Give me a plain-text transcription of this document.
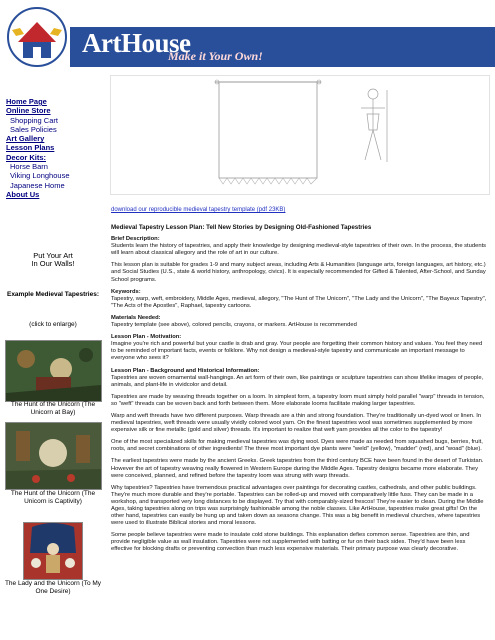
ArtHouse
Make it Your Own!
Home Page
Online Store
Shopping Cart
Sales Policies
Art Gallery
Lesson Plans
Decor Kits:
Horse Barn
Viking Longhouse
Japanese Home
About Us
download our reproducible medieval tapestry template (pdf 23KB)
Put Your Art
In Our Walls!
Example Medieval Tapestries:
(click to enlarge)
The Hunt of the Unicorn (The Unicorn at Bay)
The Hunt of the Unicorn (The Unicorn is Captivity)
The Lady and the Unicorn (To My One Desire)

Medieval Tapestry Lesson Plan: Tell New Stories by Designing Old-Fashioned Tapestries

Brief Description:
Students learn the history of tapestries, and apply their knowledge by designing medieval-style tapestries of their own. In the process, the students will learn about classical allegory and the role of art in our culture.

This lesson plan is suitable for grades 1-9 and many subject areas, including Arts & Humanities (language arts, foreign languages, art history, etc.) and Social Studies (U.S., state & world history, anthropology, civics). It is especially recommended for Gifted & Talented, After-School, and Sunday School programs.

Keywords:
Tapestry, warp, weft, embroidery, Middle Ages, medieval, allegory, "The Hunt of The Unicorn", "The Lady and the Unicorn", "The Bayeux Tapestry", "The Acts of the Apostles", Raphael, tapestry cartoons.

Materials Needed:
Tapestry template (see above), colored pencils, crayons, or markers. ArtHouse is recommended

Lesson Plan - Motivation:
Imagine you're rich and powerful but your castle is drab and gray. Your people are forgetting their common history and values. You feel they need to be reminded of important facts, events or folklore. Why not design a medieval-style tapestry and communicate an important message to everyone who sees it?

Lesson Plan - Background and Historical Information:
Tapestries are woven ornamental wall-hangings. An art form of their own, like paintings or sculpture tapestries can show lifelike images of people, animals, and plant-life in vividcolor and detail.

Tapestries are made by weaving threads together on a loom. In simplest form, a tapestry loom must simply hold parallel "warp" threads in tension, so "weft" threads can be woven back and forth between them. More elaborate looms facilitate making larger tapestries.

Warp and weft threads have two different purposes. Warp threads are a thin and strong foundation. They're traditionally un-dyed wool or linen. In medieval tapestries, weft threads were usually vividly colored wool yarn. On the finest tapestries wool was sometimes supplemented by more expensive silk or fine metallic (gold and silver) threads. It's important to realize that weft yarn provides all the color to the tapestry!

One of the most specialized skills for making medieval tapestries was dying wool. Dyes were made as needed from squashed bugs, berries, fruit, roots, and secret combinations of other ingredients! The three most important dye plants were "weld" (yellow), "madder" (red), and "woad" (blue).

The earliest tapestries were made by the ancient Greeks. Greek tapestries from the third century BCE have been found in the desert of Turkistan. However the art of tapestry weaving really flowered in Western Europe during the Middle Ages. Tapestry designs became more elaborate. They were conceived, planned, and refined before the tapestry loom was strung with warp threads.

Why tapestries? Tapestries have tremendous practical advantages over paintings for decorating castles, cathedrals, and other public buildings. They're much more durable and they're portable. Tapestries can be rolled-up and moved with comparatively little fuss. They can be made in a workshop, and transported very long distances to be displayed. Try that with comparably-sized frescos! They're easier to clean. During the Middle Ages, taking tapestries along on trips was surprisingly fashionable among the noble classes. Like ArtHouse, tapestries make great gifts! On the other hand, tapestries can easily be hung up and taken down as seasons change. This was a big benefit in medieval churches, where tapestries were used to illustrate Biblical stories and moral lessons.

Some people believe tapestries were made to insulate cold stone buildings. This explanation defies common sense. Tapestries are thin, and provide negligible value as wall insulation. Tapestries were not supplemented with batting or fur on their back sides. They'd have been less effective for blocking drafts or preventing convection than much less expensive materials. Their primary purpose was clearly decorative.
